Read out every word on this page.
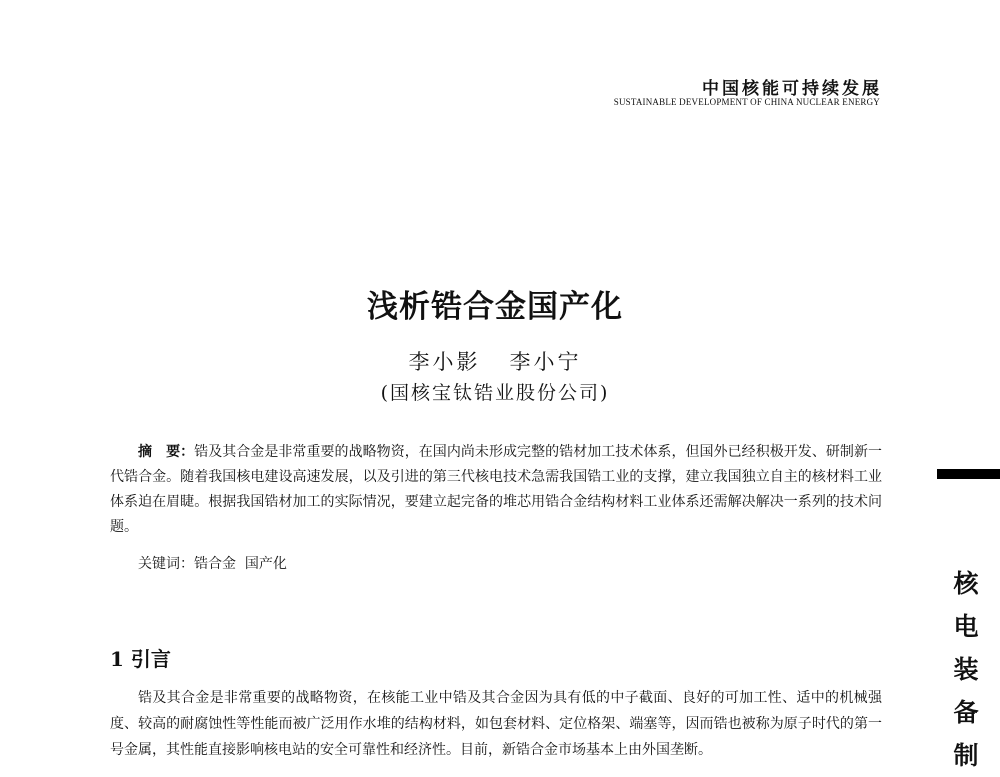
中国核能可持续发展
SUSTAINABLE DEVELOPMENT OF CHINA NUCLEAR ENERGY
浅析锆合金国产化
李小影   李小宁
(国核宝钛锆业股份公司)
摘　要：锆及其合金是非常重要的战略物资，在国内尚未形成完整的锆材加工技术体系，但国外已经积极开发、研制新一代锆合金。随着我国核电建设高速发展，以及引进的第三代核电技术急需我国锆工业的支撑，建立我国独立自主的核材料工业体系迫在眉睫。根据我国锆材加工的实际情况，要建立起完备的堆芯用锆合金结构材料工业体系还需解决解决一系列的技术问题。
关键词：锆合金  国产化
1 引言
锆及其合金是非常重要的战略物资，在核能工业中锆及其合金因为具有低的中子截面、良好的可加工性、适中的机械强度、较高的耐腐蚀性等性能而被广泛用作水堆的结构材料，如包套材料、定位格架、端塞等，因而锆也被称为原子时代的第一号金属，其性能直接影响核电站的安全可靠性和经济性。目前，新锆合金市场基本上由外国垄断。
核电装备制
